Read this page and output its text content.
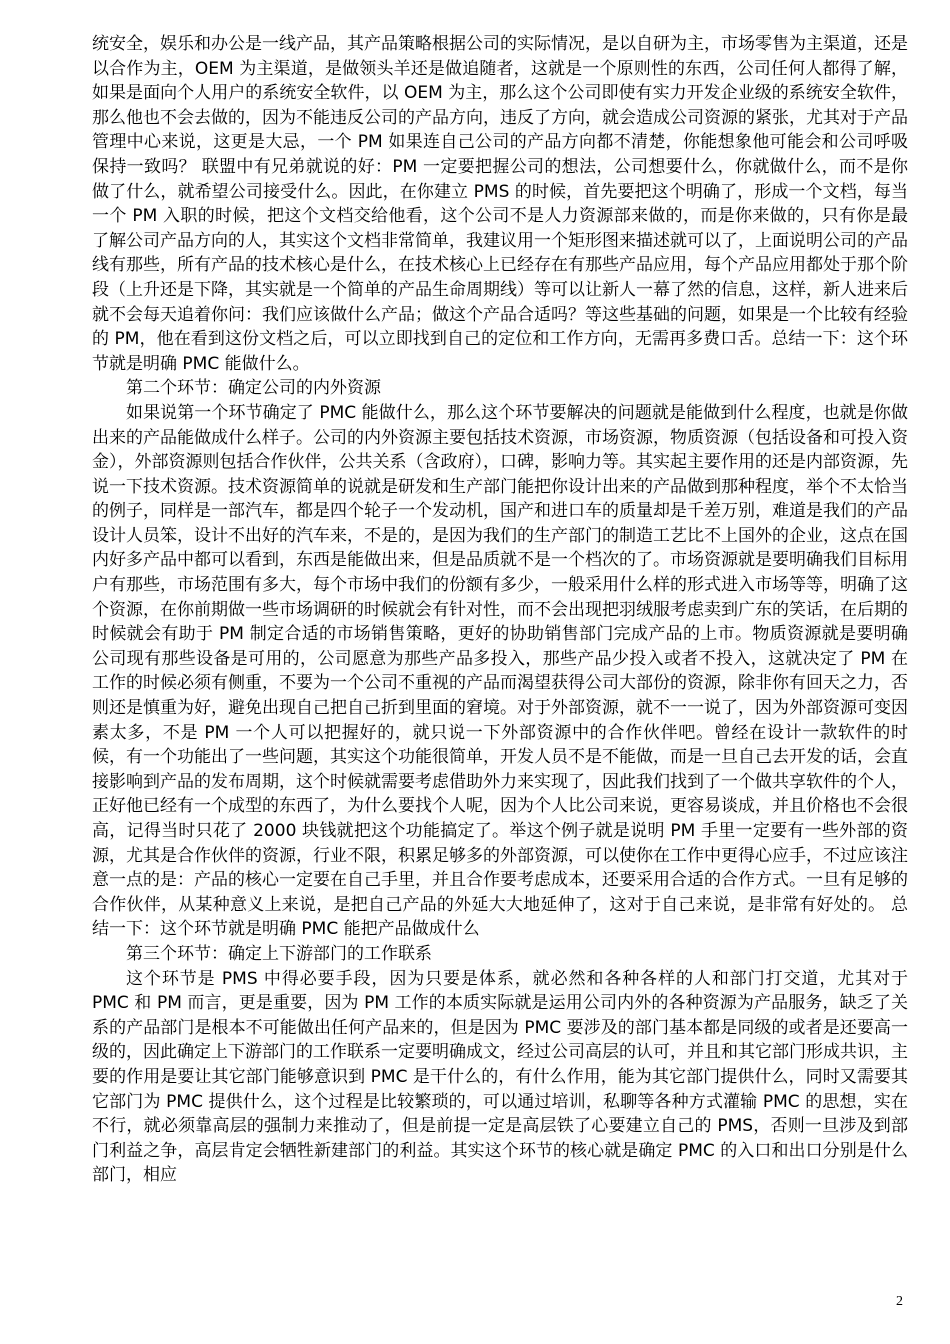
统安全，娱乐和办公是一线产品，其产品策略根据公司的实际情况，是以自研为主，市场零售为主渠道，还是以合作为主，OEM 为主渠道，是做领头羊还是做追随者，这就是一个原则性的东西，公司任何人都得了解，如果是面向个人用户的系统安全软件，以 OEM 为主，那么这个公司即使有实力开发企业级的系统安全软件，那么他也不会去做的，因为不能违反公司的产品方向，违反了方向，就会造成公司资源的紧张，尤其对于产品管理中心来说，这更是大忌，一个 PM 如果连自己公司的产品方向都不清楚，你能想象他可能会和公司呼吸保持一致吗？ 联盟中有兄弟就说的好：PM 一定要把握公司的想法，公司想要什么，你就做什么，而不是你做了什么，就希望公司接受什么。因此，在你建立 PMS 的时候，首先要把这个明确了，形成一个文档，每当一个 PM 入职的时候，把这个文档交给他看，这个公司不是人力资源部来做的，而是你来做的，只有你是最了解公司产品方向的人，其实这个文档非常简单，我建议用一个矩形图来描述就可以了，上面说明公司的产品线有那些，所有产品的技术核心是什么，在技术核心上已经存在有那些产品应用，每个产品应用都处于那个阶段（上升还是下降，其实就是一个简单的产品生命周期线）等可以让新人一幕了然的信息，这样，新人进来后就不会每天追着你问：我们应该做什么产品；做这个产品合适吗？等这些基础的问题，如果是一个比较有经验的 PM，他在看到这份文档之后，可以立即找到自己的定位和工作方向，无需再多费口舌。总结一下：这个环节就是明确 PMC 能做什么。

第二个环节：确定公司的内外资源

如果说第一个环节确定了 PMC 能做什么，那么这个环节要解决的问题就是能做到什么程度，也就是你做出来的产品能做成什么样子。公司的内外资源主要包括技术资源，市场资源，物质资源（包括设备和可投入资金），外部资源则包括合作伙伴，公共关系（含政府），口碑，影响力等。其实起主要作用的还是内部资源，先说一下技术资源。技术资源简单的说就是研发和生产部门能把你设计出来的产品做到那种程度，举个不太恰当的例子，同样是一部汽车，都是四个轮子一个发动机，国产和进口车的质量却是千差万别，难道是我们的产品设计人员笨，设计不出好的汽车来，不是的，是因为我们的生产部门的制造工艺比不上国外的企业，这点在国内好多产品中都可以看到，东西是能做出来，但是品质就不是一个档次的了。市场资源就是要明确我们目标用户有那些，市场范围有多大，每个市场中我们的份额有多少，一般采用什么样的形式进入市场等等，明确了这个资源，在你前期做一些市场调研的时候就会有针对性，而不会出现把羽绒服考虑卖到广东的笑话，在后期的时候就会有助于 PM 制定合适的市场销售策略，更好的协助销售部门完成产品的上市。物质资源就是要明确公司现有那些设备是可用的，公司愿意为那些产品多投入，那些产品少投入或者不投入，这就决定了 PM 在工作的时候必须有侧重，不要为一个公司不重视的产品而渴望获得公司大部份的资源，除非你有回天之力，否则还是慎重为好，避免出现自己把自己折到里面的窘境。对于外部资源，就不一一说了，因为外部资源可变因素太多，不是 PM 一个人可以把握好的，就只说一下外部资源中的合作伙伴吧。曾经在设计一款软件的时候，有一个功能出了一些问题，其实这个功能很简单，开发人员不是不能做，而是一旦自己去开发的话，会直接影响到产品的发布周期，这个时候就需要考虑借助外力来实现了，因此我们找到了一个做共享软件的个人，正好他已经有一个成型的东西了，为什么要找个人呢，因为个人比公司来说，更容易谈成，并且价格也不会很高，记得当时只花了 2000 块钱就把这个功能搞定了。举这个例子就是说明 PM 手里一定要有一些外部的资源，尤其是合作伙伴的资源，行业不限，积累足够多的外部资源，可以使你在工作中更得心应手，不过应该注意一点的是：产品的核心一定要在自己手里，并且合作要考虑成本，还要采用合适的合作方式。一旦有足够的合作伙伴，从某种意义上来说，是把自己产品的外延大大地延伸了，这对于自己来说，是非常有好处的。 总结一下：这个环节就是明确 PMC 能把产品做成什么

第三个环节：确定上下游部门的工作联系

这个环节是 PMS 中得必要手段，因为只要是体系，就必然和各种各样的人和部门打交道，尤其对于 PMC 和 PM 而言，更是重要，因为 PM 工作的本质实际就是运用公司内外的各种资源为产品服务，缺乏了关系的产品部门是根本不可能做出任何产品来的，但是因为 PMC 要涉及的部门基本都是同级的或者是还要高一级的，因此确定上下游部门的工作联系一定要明确成文，经过公司高层的认可，并且和其它部门形成共识，主要的作用是要让其它部门能够意识到 PMC 是干什么的，有什么作用，能为其它部门提供什么，同时又需要其它部门为 PMC 提供什么，这个过程是比较繁琐的，可以通过培训，私聊等各种方式灌输 PMC 的思想，实在不行，就必须靠高层的强制力来推动了，但是前提一定是高层铁了心要建立自己的 PMS，否则一旦涉及到部门利益之争，高层肯定会牺牲新建部门的利益。其实这个环节的核心就是确定 PMC 的入口和出口分别是什么部门，相应

2
